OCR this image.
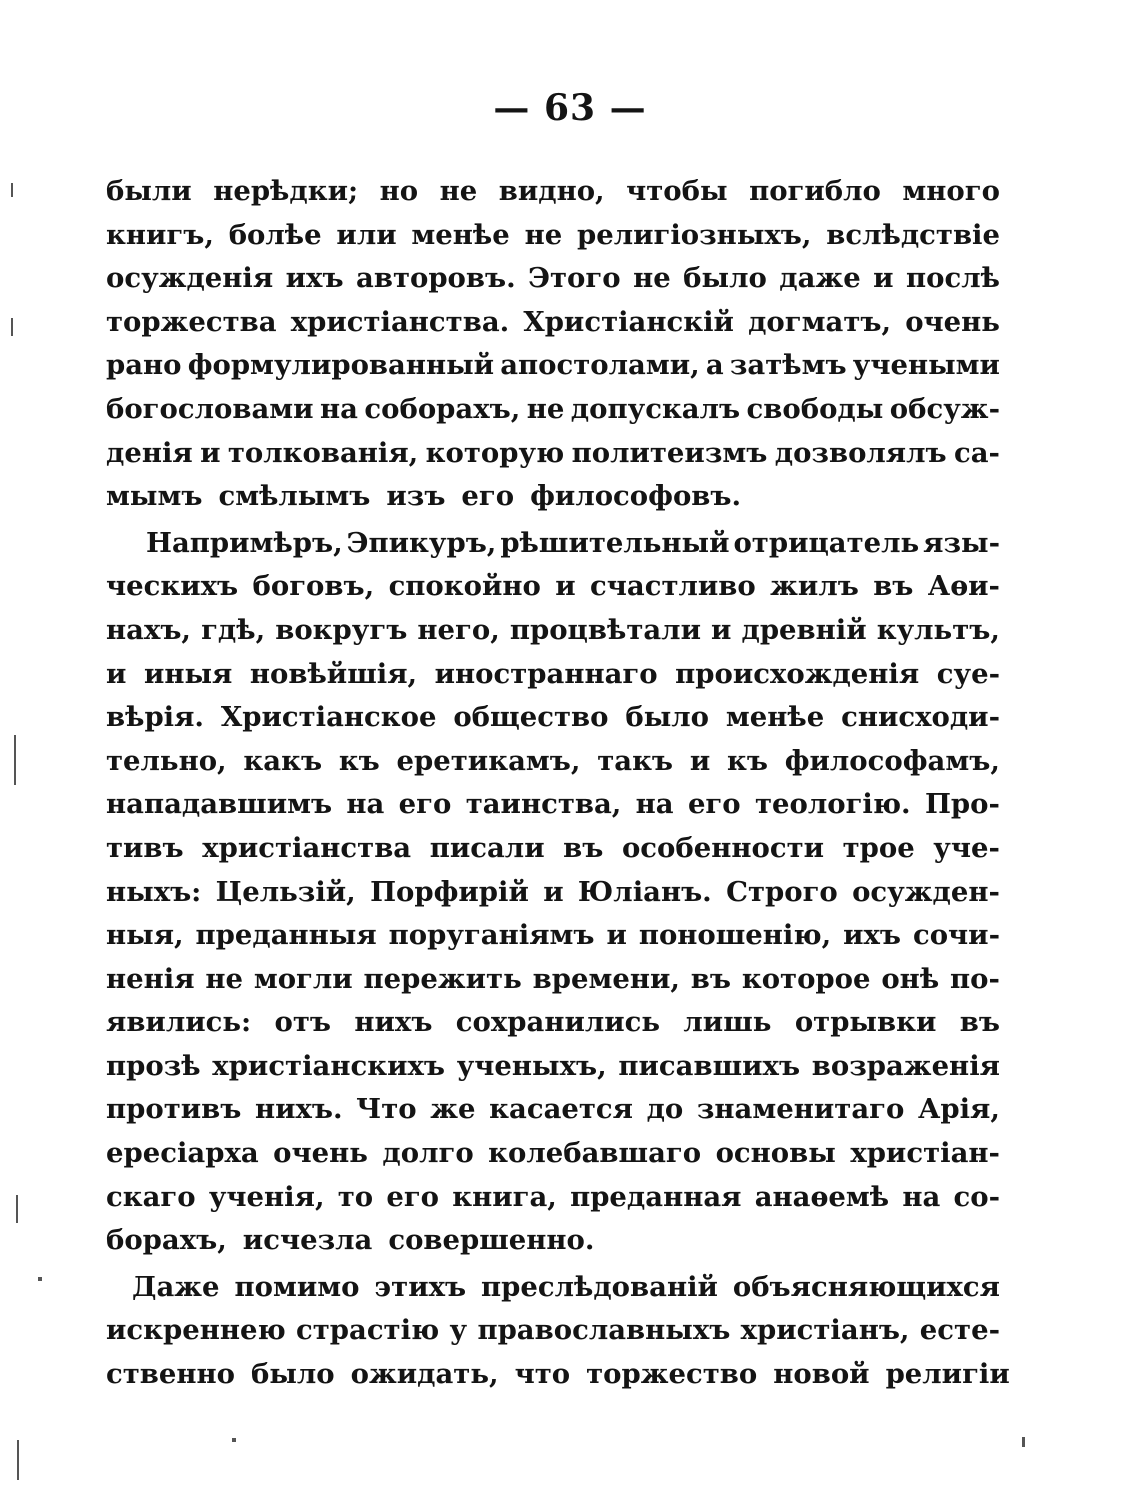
— 63 —
были нерѣдки; но не видно, чтобы погибло много
книгъ, болѣе или менѣе не религіозныхъ, вслѣдствіе
осужденія ихъ авторовъ. Этого не было даже и послѣ
торжества христіанства. Христіанскій догматъ, очень
рано формулированный апостолами, а затѣмъ учеными
богословами на соборахъ, не допускалъ свободы обсуж-
денія и толкованія, которую политеизмъ дозволялъ са-
мымъ смѣлымъ изъ его философовъ.
Напримѣръ, Эпикуръ, рѣшительный отрицатель язы-
ческихъ боговъ, спокойно и счастливо жилъ въ Аѳи-
нахъ, гдѣ, вокругъ него, процвѣтали и древній культъ,
и иныя новѣйшія, иностраннаго происхожденія суе-
вѣрія. Христіанское общество было менѣе снисходи-
тельно, какъ къ еретикамъ, такъ и къ философамъ,
нападавшимъ на его таинства, на его теологію. Про-
тивъ христіанства писали въ особенности трое уче-
ныхъ: Цельзій, Порфирій и Юліанъ. Строго осужден-
ныя, преданныя поруганіямъ и поношенію, ихъ сочи-
ненія не могли пережить времени, въ которое онѣ по-
явились: отъ нихъ сохранились лишь отрывки въ
прозѣ христіанскихъ ученыхъ, писавшихъ возраженія
противъ нихъ. Что же касается до знаменитаго Арія,
ересіарха очень долго колебавшаго основы христіан-
скаго ученія, то его книга, преданная анаѳемѣ на со-
борахъ, исчезла совершенно.
Даже помимо этихъ преслѣдованій объясняющихся
искреннею страстію у православныхъ христіанъ, есте-
ственно было ожидать, что торжество новой религіи
